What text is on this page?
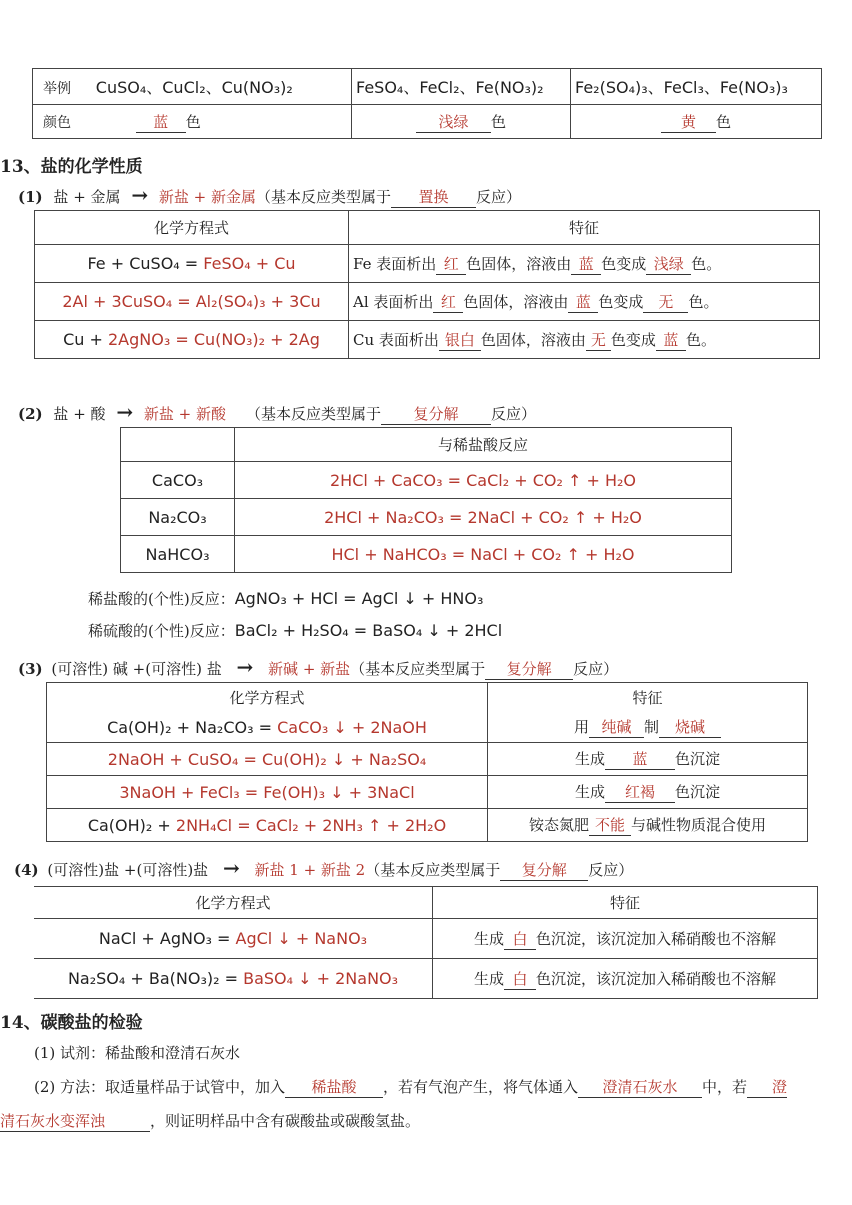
举例 CuSO₄、CuCl₂、Cu(NO₃)₂	FeSO₄、FeCl₂、Fe(NO₃)₂	Fe₂(SO₄)₃、FeCl₃、Fe(NO₃)₃
颜色 蓝 色	浅绿 色	黄 色
13、盐的化学性质
(1) 盐 + 金属 → 新盐 + 新金属（基本反应类型属于 置换 反应）
化学方程式	特征
Fe + CuSO₄ = FeSO₄ + Cu	Fe 表面析出 红 色固体，溶液由 蓝 色变成 浅绿 色。
2Al + 3CuSO₄ = Al₂(SO₄)₃ + 3Cu	Al 表面析出 红 色固体，溶液由 蓝 色变成 无 色。
Cu + 2AgNO₃ = Cu(NO₃)₂ + 2Ag	Cu 表面析出 银白 色固体，溶液由 无 色变成 蓝 色。
(2) 盐 + 酸 → 新盐 + 新酸 （基本反应类型属于 复分解 反应）
	与稀盐酸反应
CaCO₃	2HCl + CaCO₃ = CaCl₂ + CO₂ ↑ + H₂O
Na₂CO₃	2HCl + Na₂CO₃ = 2NaCl + CO₂ ↑ + H₂O
NaHCO₃	HCl + NaHCO₃ = NaCl + CO₂ ↑ + H₂O
稀盐酸的(个性)反应：AgNO₃ + HCl = AgCl ↓ + HNO₃
稀硫酸的(个性)反应：BaCl₂ + H₂SO₄ = BaSO₄ ↓ + 2HCl
(3) (可溶性) 碱 +(可溶性) 盐 → 新碱 + 新盐（基本反应类型属于 复分解 反应）
化学方程式	特征
Ca(OH)₂ + Na₂CO₃ = CaCO₃ ↓ + 2NaOH	用 纯碱 制 烧碱
2NaOH + CuSO₄ = Cu(OH)₂ ↓ + Na₂SO₄	生成 蓝 色沉淀
3NaOH + FeCl₃ = Fe(OH)₃ ↓ + 3NaCl	生成 红褐 色沉淀
Ca(OH)₂ + 2NH₄Cl = CaCl₂ + 2NH₃ ↑ + 2H₂O	铵态氮肥 不能 与碱性物质混合使用
(4) (可溶性)盐 +(可溶性)盐 → 新盐 1 + 新盐 2（基本反应类型属于 复分解 反应）
化学方程式	特征
NaCl + AgNO₃ = AgCl ↓ + NaNO₃	生成 白 色沉淀，该沉淀加入稀硝酸也不溶解
Na₂SO₄ + Ba(NO₃)₂ = BaSO₄ ↓ + 2NaNO₃	生成 白 色沉淀，该沉淀加入稀硝酸也不溶解
14、碳酸盐的检验
(1) 试剂：稀盐酸和澄清石灰水
(2) 方法：取适量样品于试管中，加入 稀盐酸 ，若有气泡产生，将气体通入 澄清石灰水 中，若 澄
清石灰水变浑浊	，则证明样品中含有碳酸盐或碳酸氢盐。
